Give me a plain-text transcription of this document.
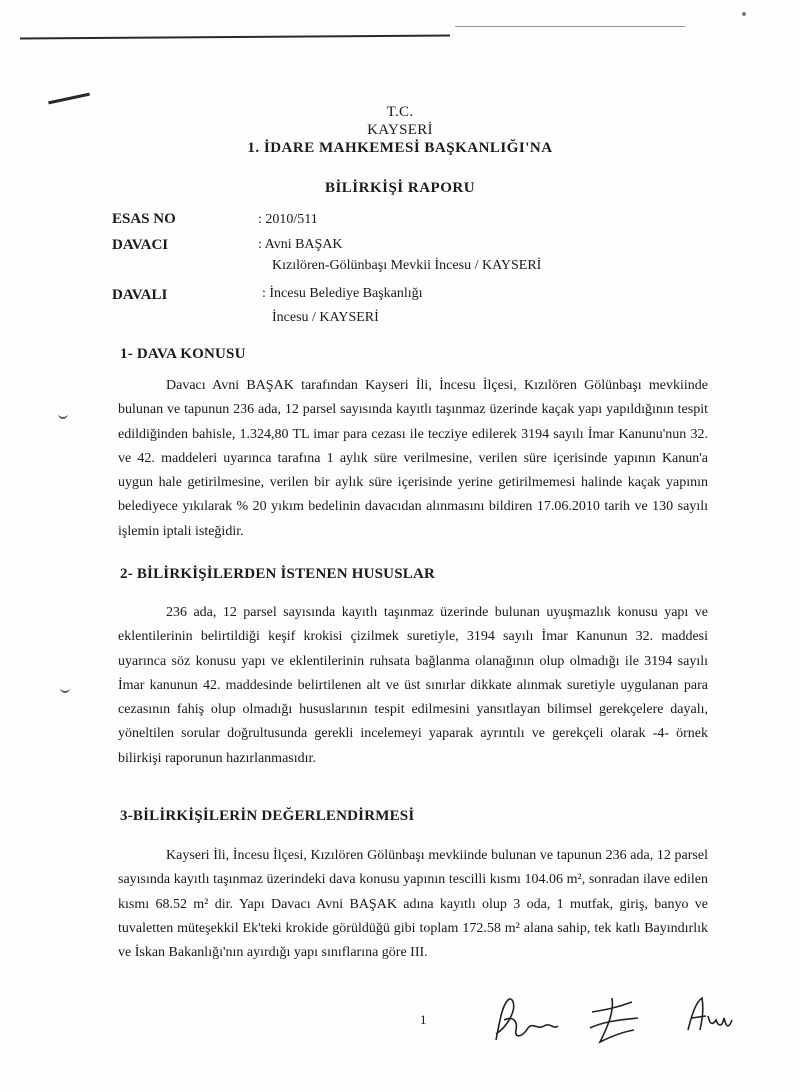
T.C.
KAYSERİ
1. İDARE MAHKEMESİ BAŞKANLIĞI'NA
BİLİRKİŞİ RAPORU
ESAS NO	: 2010/511
DAVACI	: Avni BAŞAK
Kızılören-Gölünbaşı Mevkii İncesu / KAYSERİ
DAVALI	: İncesu Belediye Başkanlığı
İncesu / KAYSERİ
1- DAVA KONUSU
Davacı Avni BAŞAK tarafından Kayseri İli, İncesu İlçesi, Kızılören Gölünbaşı mevkiinde bulunan ve tapunun 236 ada, 12 parsel sayısında kayıtlı taşınmaz üzerinde kaçak yapı yapıldığının tespit edildiğinden bahisle, 1.324,80 TL imar para cezası ile tecziye edilerek 3194 sayılı İmar Kanunu'nun 32. ve 42. maddeleri uyarınca tarafına 1 aylık süre verilmesine, verilen süre içerisinde yapının Kanun'a uygun hale getirilmesine, verilen bir aylık süre içerisinde yerine getirilmemesi halinde kaçak yapının belediyece yıkılarak % 20 yıkım bedelinin davacıdan alınmasını bildiren 17.06.2010 tarih ve 130 sayılı işlemin iptali isteğidir.
2- BİLİRKİŞİLERDEN İSTENEN HUSUSLAR
236 ada, 12 parsel sayısında kayıtlı taşınmaz üzerinde bulunan uyuşmazlık konusu yapı ve eklentilerinin belirtildiği keşif krokisi çizilmek suretiyle, 3194 sayılı İmar Kanunun 32. maddesi uyarınca söz konusu yapı ve eklentilerinin ruhsata bağlanma olanağının olup olmadığı ile 3194 sayılı İmar kanunun 42. maddesinde belirtilenen alt ve üst sınırlar dikkate alınmak suretiyle uygulanan para cezasının fahiş olup olmadığı hususlarının tespit edilmesini yansıtlayan bilimsel gerekçelere dayalı, yöneltilen sorular doğrultusunda gerekli incelemeyi yaparak ayrıntılı ve gerekçeli olarak -4- örnek bilirkişi raporunun hazırlanmasıdır.
3-BİLİRKİŞİLERİN DEĞERLENDİRMESİ
Kayseri İli, İncesu İlçesi, Kızılören Gölünbaşı mevkiinde bulunan ve tapunun 236 ada, 12 parsel sayısında kayıtlı taşınmaz üzerindeki dava konusu yapının tescilli kısmı 104.06 m², sonradan ilave edilen kısmı 68.52 m² dir. Yapı Davacı Avni BAŞAK adına kayıtlı olup 3 oda, 1 mutfak, giriş, banyo ve tuvaletten müteşekkil Ek'teki krokide görüldüğü gibi toplam 172.58 m² alana sahip, tek katlı Bayındırlık ve İskan Bakanlığı'nın ayırdığı yapı sınıflarına göre III.
1
